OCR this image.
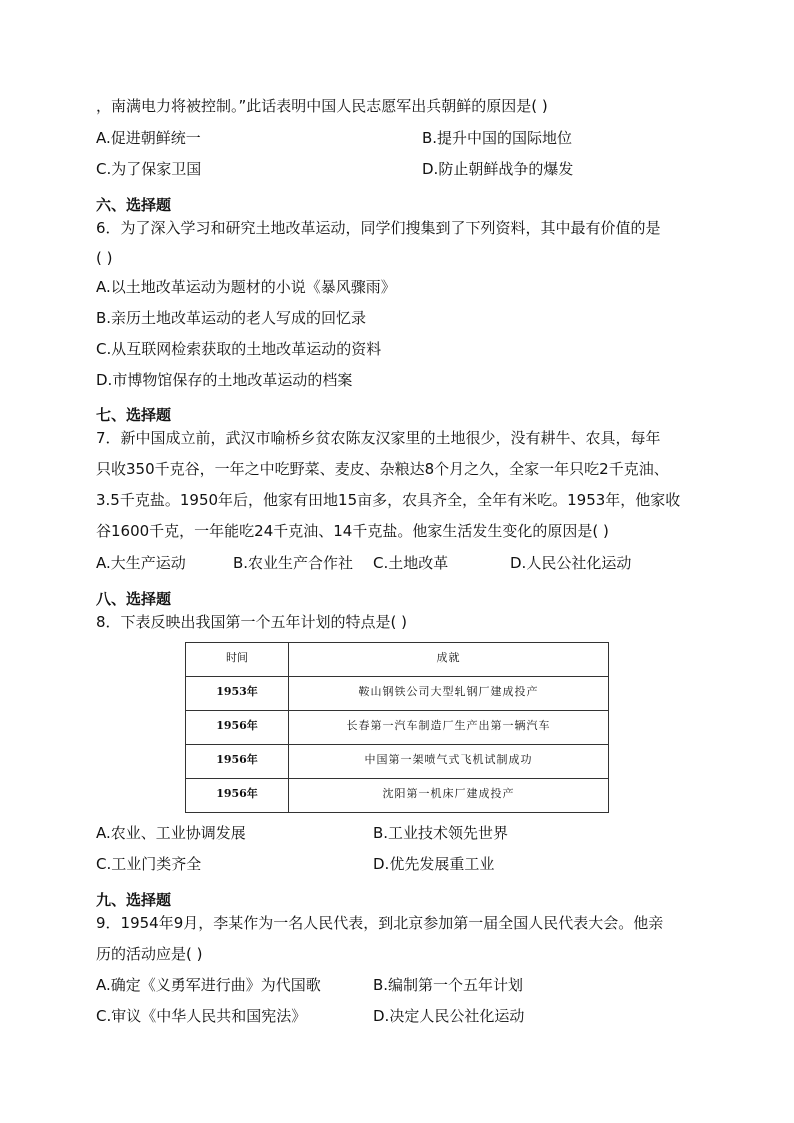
，南满电力将被控制。”此话表明中国人民志愿军出兵朝鲜的原因是( )
A.促进朝鲜统一	B.提升中国的国际地位
C.为了保家卫国	D.防止朝鲜战争的爆发
六、选择题
6．为了深入学习和研究土地改革运动，同学们搜集到了下列资料，其中最有价值的是
( )
A.以土地改革运动为题材的小说《暴风骤雨》
B.亲历土地改革运动的老人写成的回忆录
C.从互联网检索获取的土地改革运动的资料
D.市博物馆保存的土地改革运动的档案
七、选择题
7．新中国成立前，武汉市喻桥乡贫农陈友汉家里的土地很少，没有耕牛、农具，每年
只收350千克谷，一年之中吃野菜、麦皮、杂粮达8个月之久，全家一年只吃2千克油、
3.5千克盐。1950年后，他家有田地15亩多，农具齐全，全年有米吃。1953年，他家收
谷1600千克，一年能吃24千克油、14千克盐。他家生活发生变化的原因是( )
A.大生产运动	B.农业生产合作社 C.土地改革	D.人民公社化运动
八、选择题
8．下表反映出我国第一个五年计划的特点是( )
时间	成就
1953年	鞍山钢铁公司大型轧钢厂建成投产
1956年	长春第一汽车制造厂生产出第一辆汽车
1956年	中国第一架喷气式飞机试制成功
1956年	沈阳第一机床厂建成投产
A.农业、工业协调发展	B.工业技术领先世界
C.工业门类齐全	D.优先发展重工业
九、选择题
9．1954年9月，李某作为一名人民代表，到北京参加第一届全国人民代表大会。他亲
历的活动应是( )
A.确定《义勇军进行曲》为代国歌	B.编制第一个五年计划
C.审议《中华人民共和国宪法》	D.决定人民公社化运动
